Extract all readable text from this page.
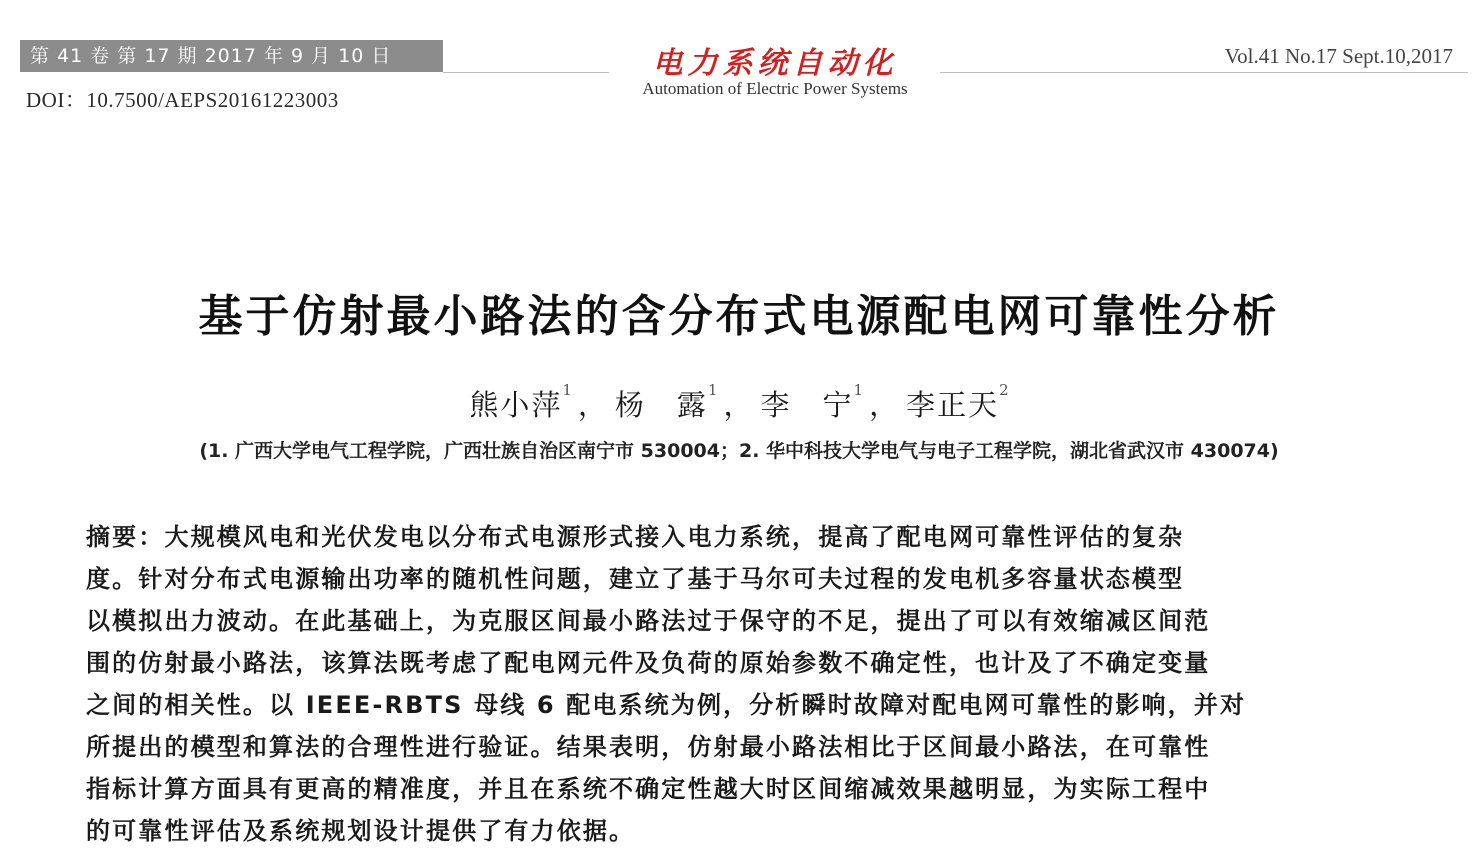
第 41 卷 第 17 期 2017 年 9 月 10 日
DOI：10.7500/AEPS20161223003
电力系统自动化
Automation of Electric Power Systems
Vol.41 No.17 Sept.10,2017
基于仿射最小路法的含分布式电源配电网可靠性分析
熊小萍$^1$ ， 杨　露$^1$ ， 李　宁$^1$ ， 李正天$^2$
(1. 广西大学电气工程学院，广西壮族自治区南宁市 530004；2. 华中科技大学电气与电子工程学院，湖北省武汉市 430074)
摘要：大规模风电和光伏发电以分布式电源形式接入电力系统，提高了配电网可靠性评估的复杂
度。针对分布式电源输出功率的随机性问题，建立了基于马尔可夫过程的发电机多容量状态模型
以模拟出力波动。在此基础上，为克服区间最小路法过于保守的不足，提出了可以有效缩减区间范
围的仿射最小路法，该算法既考虑了配电网元件及负荷的原始参数不确定性，也计及了不确定变量
之间的相关性。以 IEEE-RBTS 母线 6 配电系统为例，分析瞬时故障对配电网可靠性的影响，并对
所提出的模型和算法的合理性进行验证。结果表明，仿射最小路法相比于区间最小路法，在可靠性
指标计算方面具有更高的精准度，并且在系统不确定性越大时区间缩减效果越明显，为实际工程中
的可靠性评估及系统规划设计提供了有力依据。
